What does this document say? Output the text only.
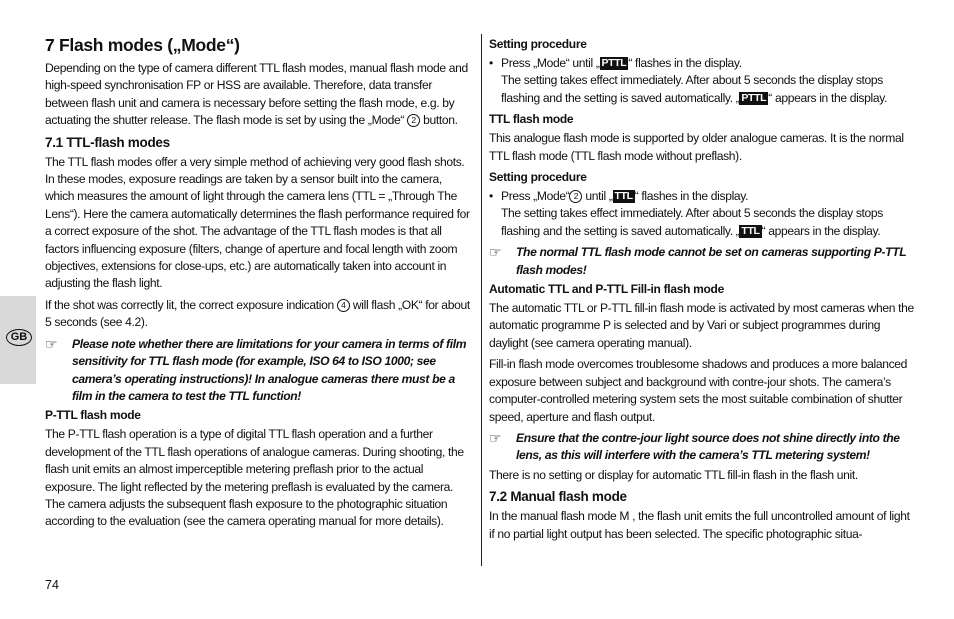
GB
7 Flash modes („Mode“)

Depending on the type of camera different TTL flash modes, manual flash mode and high-speed synchronisation FP or HSS are available. Therefore, data transfer between flash unit and camera is necessary before setting the flash mode, e.g. by actuating the shutter release. The flash mode is set by using the „Mode“ 2 button.

7.1 TTL-flash modes

The TTL flash modes offer a very simple method of achieving very good flash shots. In these modes, exposure readings are taken by a sensor built into the camera, which measures the amount of light through the camera lens (TTL = „Through The Lens“). Here the camera automatically determines the flash performance required for a correct exposure of the shot. The advantage of the TTL flash modes is that all factors influencing exposure (filters, change of aperture and focal length with zoom objectives, extensions for close-ups, etc.) are automatically taken into account in adjusting the flash light.

If the shot was correctly lit, the correct exposure indication 4 will flash „OK“ for about 5 seconds (see 4.2).

☞	Please note whether there are limitations for your camera in terms of film sensitivity for TTL flash mode (for example, ISO 64 to ISO 1000; see camera’s operating instructions)! In analogue cameras there must be a film in the camera to test the TTL function!
P-TTL flash mode

The P-TTL flash operation is a type of digital TTL flash operation and a further development of the TTL flash operations of analogue cameras. During shooting, the flash unit emits an almost imperceptible metering preflash prior to the actual exposure. The light reflected by the metering preflash is evaluated by the camera. The camera adjusts the subsequent flash exposure to the photographic situation according to the evaluation (see the camera operating manual for more details).

Setting procedure
• Press „Mode“ until „ PTTL “ flashes in the display.
The setting takes effect immediately. After about 5 seconds the display stops flashing and the setting is saved automatically. „ PTTL “ appears in the display.
TTL flash mode

This analogue flash mode is supported by older analogue cameras. It is the normal TTL flash mode (TTL flash mode without preflash).

Setting procedure
• Press „Mode“ 2 until „ TTL “ flashes in the display.
The setting takes effect immediately. After about 5 seconds the display stops flashing and the setting is saved automatically. „ TTL “ appears in the display.
☞	The normal TTL flash mode cannot be set on cameras supporting P-TTL flash modes!
Automatic TTL and P-TTL Fill-in flash mode

The automatic TTL or P-TTL fill-in flash mode is activated by most cameras when the automatic programme P is selected and by Vari or subject programmes during daylight (see camera operating manual).

Fill-in flash mode overcomes troublesome shadows and produces a more balanced exposure between subject and background with contre-jour shots. The camera’s computer-controlled metering system sets the most suitable combination of shutter speed, aperture and flash output.

☞	Ensure that the contre-jour light source does not shine directly into the lens, as this will interfere with the camera’s TTL metering system!

There is no setting or display for automatic TTL fill-in flash in the flash unit.

7.2 Manual flash mode

In the manual flash mode M , the flash unit emits the full uncontrolled amount of light if no partial light output has been selected. The specific photographic situa-

74
